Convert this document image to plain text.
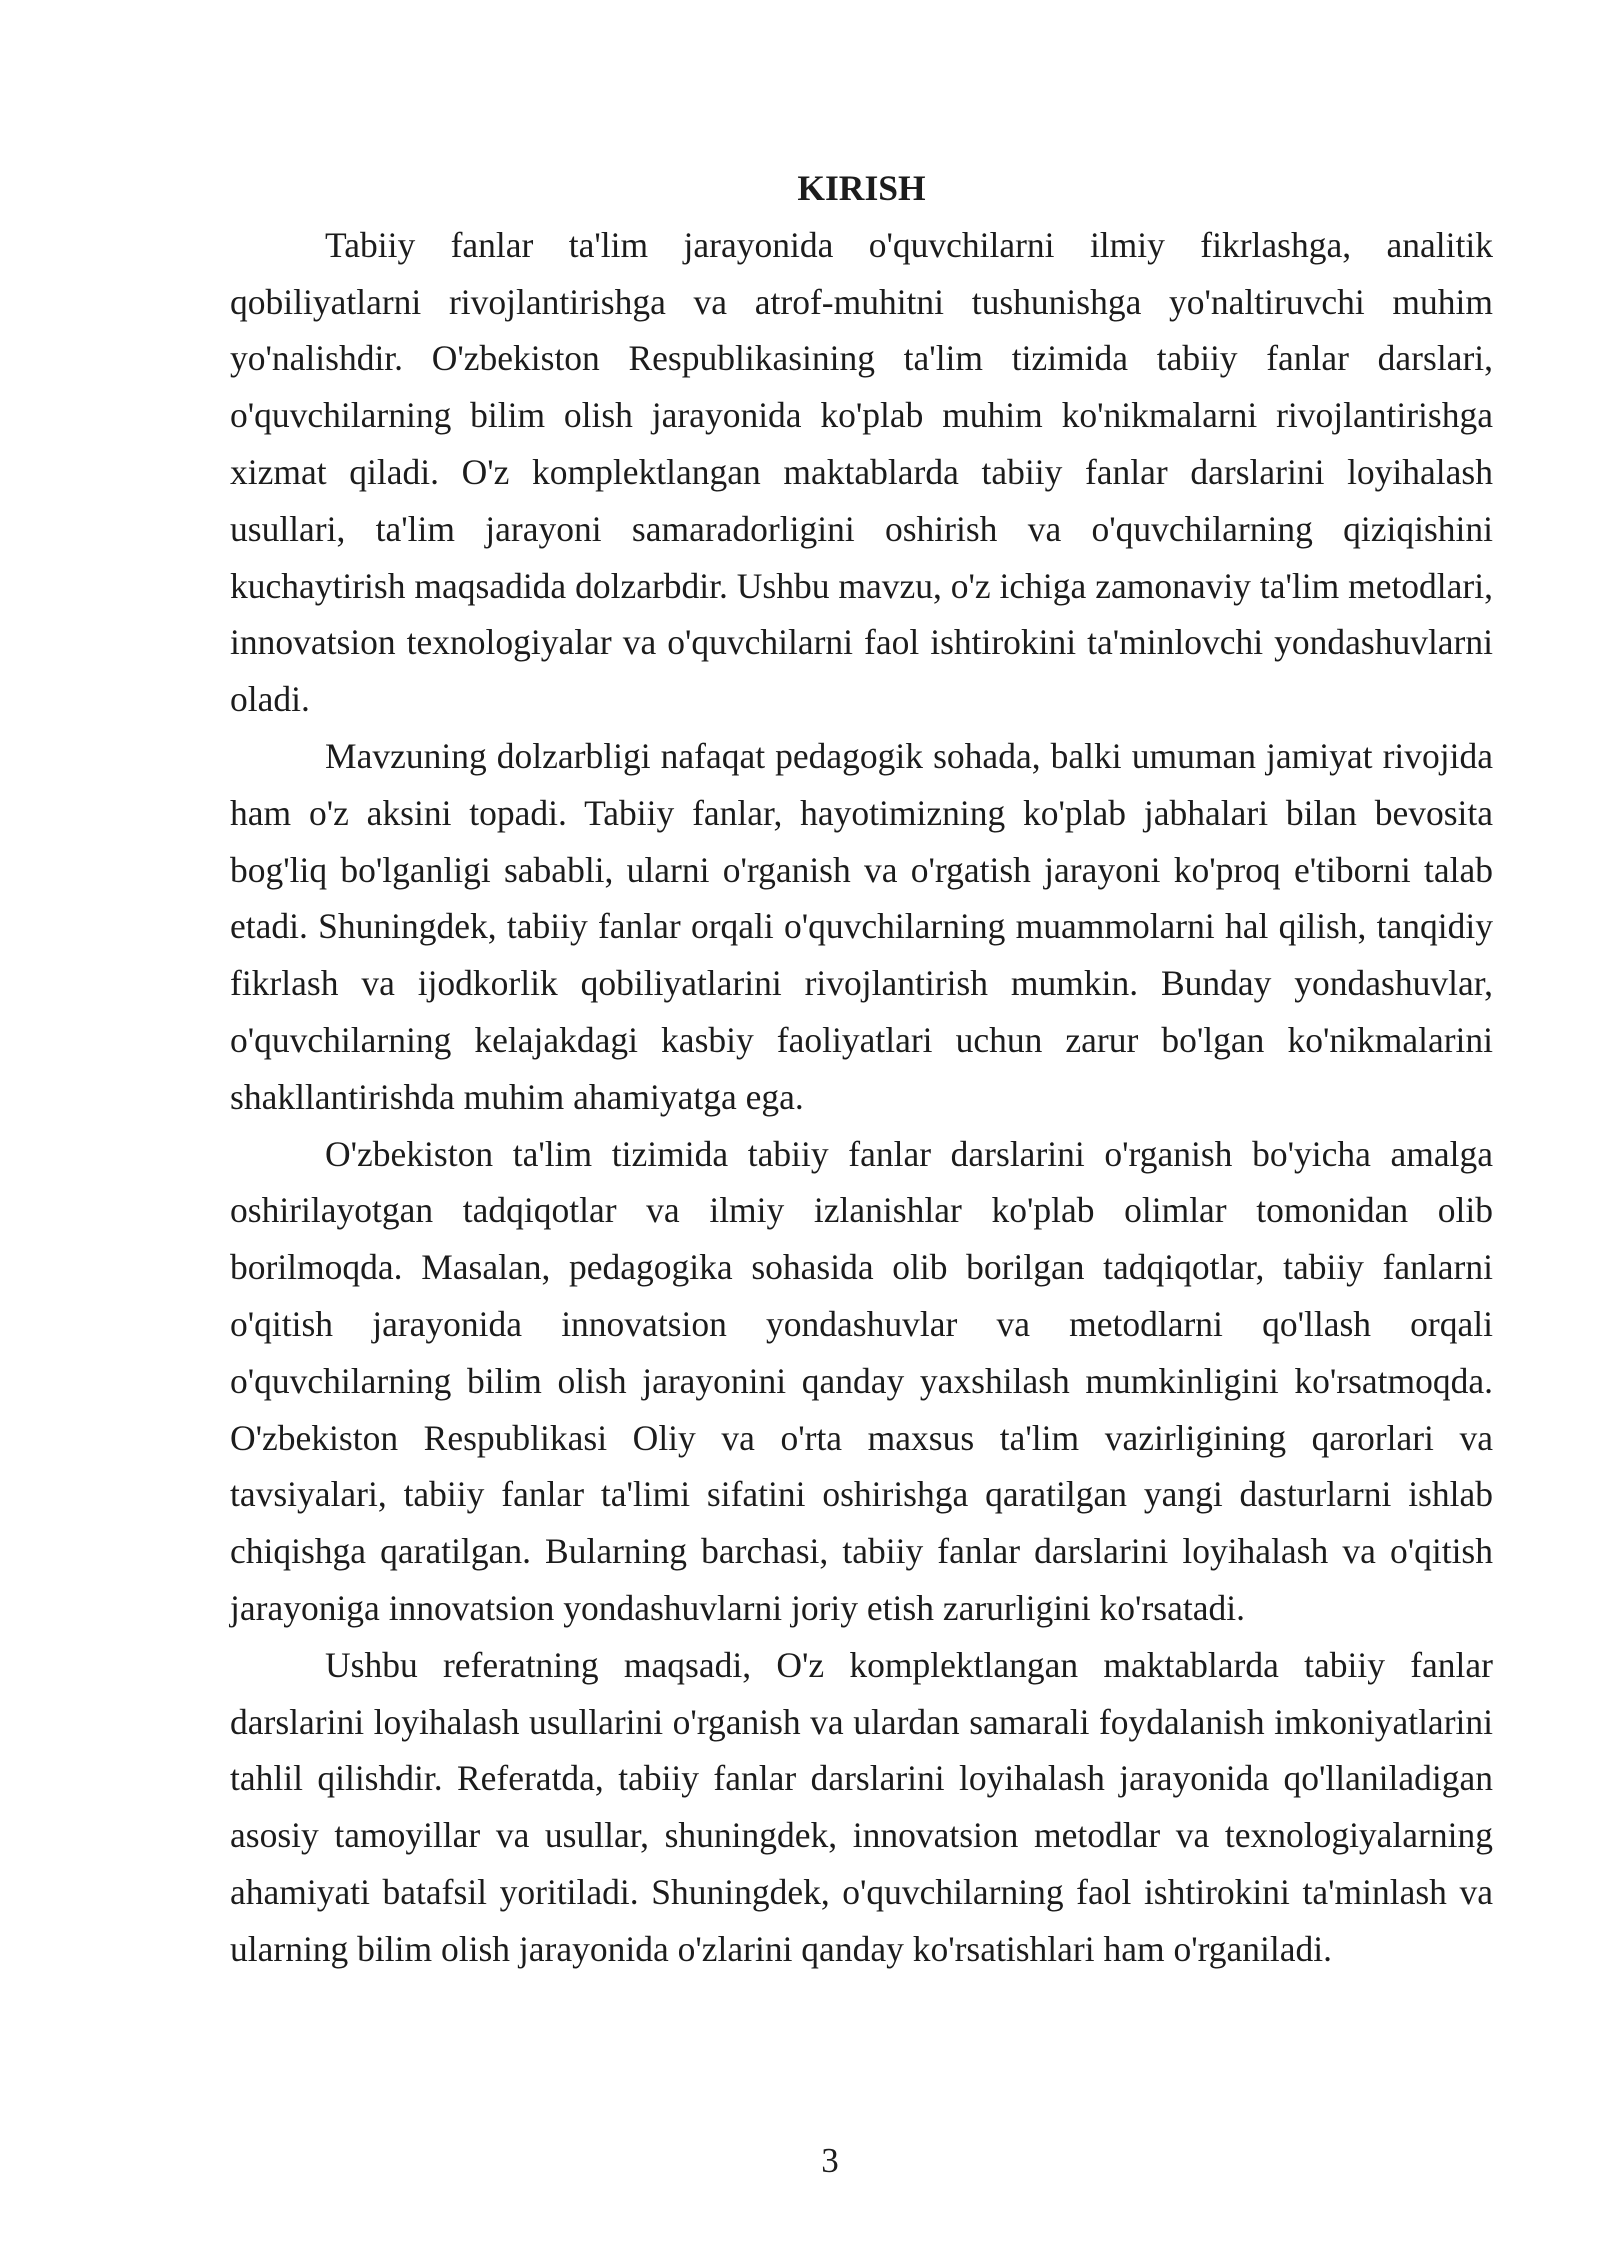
KIRISH

Tabiiy fanlar ta'lim jarayonida o'quvchilarni ilmiy fikrlashga, analitik qobiliyatlarni rivojlantirishga va atrof-muhitni tushunishga yo'naltiruvchi muhim yo'nalishdir. O'zbekiston Respublikasining ta'lim tizimida tabiiy fanlar darslari, o'quvchilarning bilim olish jarayonida ko'plab muhim ko'nikmalarni rivojlantirishga xizmat qiladi. O'z komplektlangan maktablarda tabiiy fanlar darslarini loyihalash usullari, ta'lim jarayoni samaradorligini oshirish va o'quvchilarning qiziqishini kuchaytirish maqsadida dolzarbdir. Ushbu mavzu, o'z ichiga zamonaviy ta'lim metodlari, innovatsion texnologiyalar va o'quvchilarni faol ishtirokini ta'minlovchi yondashuvlarni oladi.

Mavzuning dolzarbligi nafaqat pedagogik sohada, balki umuman jamiyat rivojida ham o'z aksini topadi. Tabiiy fanlar, hayotimizning ko'plab jabhalari bilan bevosita bog'liq bo'lganligi sababli, ularni o'rganish va o'rgatish jarayoni ko'proq e'tiborni talab etadi. Shuningdek, tabiiy fanlar orqali o'quvchilarning muammolarni hal qilish, tanqidiy fikrlash va ijodkorlik qobiliyatlarini rivojlantirish mumkin. Bunday yondashuvlar, o'quvchilarning kelajakdagi kasbiy faoliyatlari uchun zarur bo'lgan ko'nikmalarini shakllantirishda muhim ahamiyatga ega.

O'zbekiston ta'lim tizimida tabiiy fanlar darslarini o'rganish bo'yicha amalga oshirilayotgan tadqiqotlar va ilmiy izlanishlar ko'plab olimlar tomonidan olib borilmoqda. Masalan, pedagogika sohasida olib borilgan tadqiqotlar, tabiiy fanlarni o'qitish jarayonida innovatsion yondashuvlar va metodlarni qo'llash orqali o'quvchilarning bilim olish jarayonini qanday yaxshilash mumkinligini ko'rsatmoqda. O'zbekiston Respublikasi Oliy va o'rta maxsus ta'lim vazirligining qarorlari va tavsiyalari, tabiiy fanlar ta'limi sifatini oshirishga qaratilgan yangi dasturlarni ishlab chiqishga qaratilgan. Bularning barchasi, tabiiy fanlar darslarini loyihalash va o'qitish jarayoniga innovatsion yondashuvlarni joriy etish zarurligini ko'rsatadi.

Ushbu referatning maqsadi, O'z komplektlangan maktablarda tabiiy fanlar darslarini loyihalash usullarini o'rganish va ulardan samarali foydalanish imkoniyatlarini tahlil qilishdir. Referatda, tabiiy fanlar darslarini loyihalash jarayonida qo'llaniladigan asosiy tamoyillar va usullar, shuningdek, innovatsion metodlar va texnologiyalarning ahamiyati batafsil yoritiladi. Shuningdek, o'quvchilarning faol ishtirokini ta'minlash va ularning bilim olish jarayonida o'zlarini qanday ko'rsatishlari ham o'rganiladi.

3
